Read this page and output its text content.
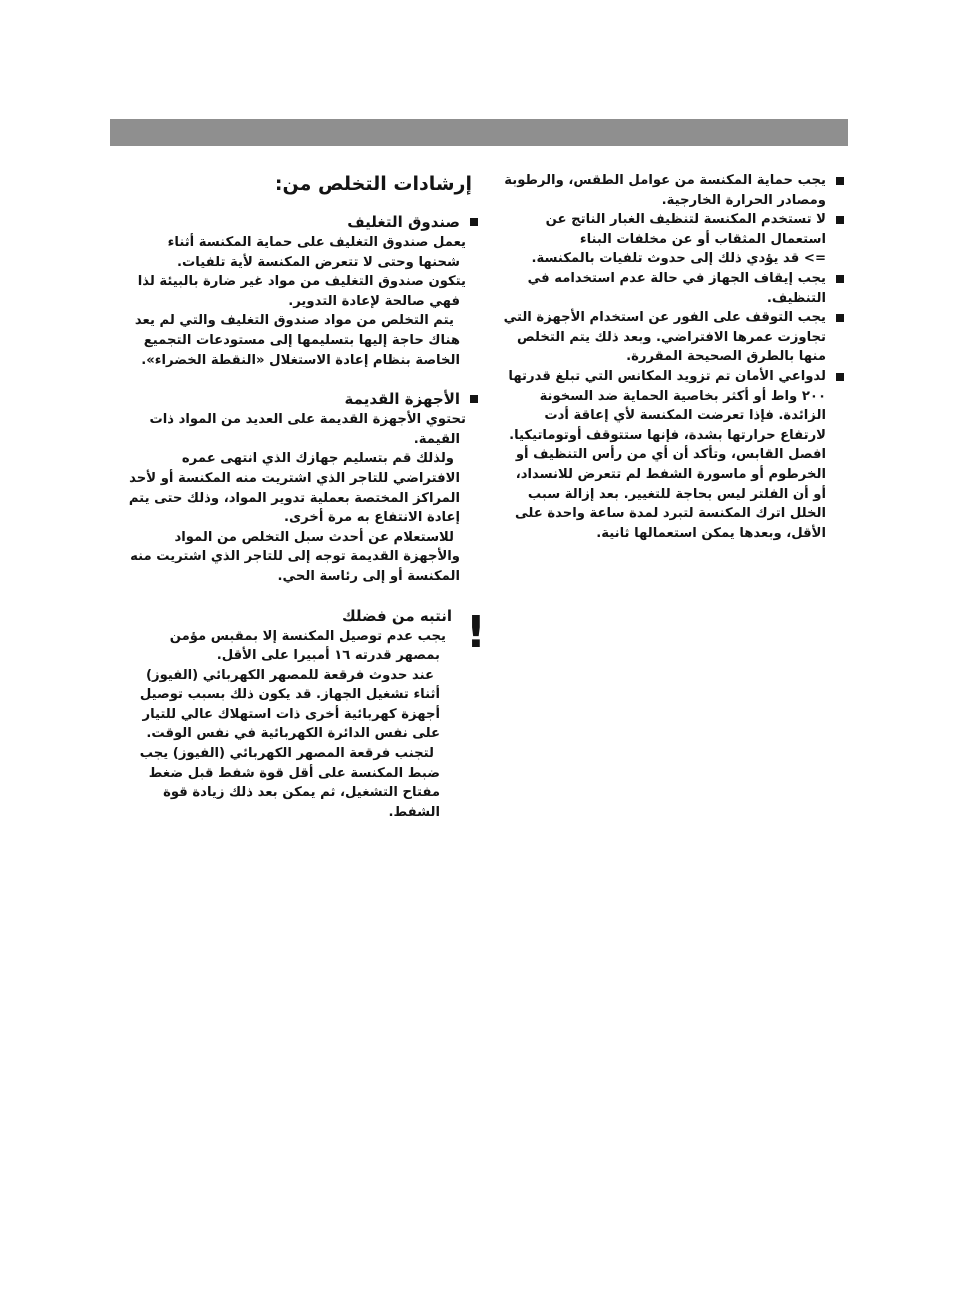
يجب حماية المكنسة من عوامل الطقس، والرطوبة ومصادر الحرارة الخارجية.

لا تستخدم المكنسة لتنظيف الغبار الناتج عن استعمال المثقاب أو عن مخلفات البناء

=> قد يؤدي ذلك إلى حدوث تلفيات بالمكنسة.

يجب إيقاف الجهاز في حالة عدم استخدامه في التنظيف.

يجب التوقف على الفور عن استخدام الأجهزة التي تجاوزت عمرها الافتراضي. وبعد ذلك يتم التخلص منها بالطرق الصحيحة المقررة.

لدواعي الأمان تم تزويد المكانس التي تبلغ قدرتها ٢٠٠ واط أو أكثر بخاصية الحماية ضد السخونة الزائدة. فإذا تعرضت المكنسة لأي إعاقة أدت لارتفاع حرارتها بشدة، فإنها ستتوقف أوتوماتيكيا. افصل القابس، وتأكد أن أي من رأس التنظيف أو الخرطوم أو ماسورة الشفط لم تتعرض للانسداد، أو أن الفلتر ليس بحاجة للتغيير. بعد إزالة سبب الخلل اترك المكنسة لتبرد لمدة ساعة واحدة على الأقل، وبعدها يمكن استعمالها ثانية.

إرشادات التخلص من:
صندوق التغليف

يعمل صندوق التغليف على حماية المكنسة أثناء شحنها وحتى لا تتعرض المكنسة لأية تلفيات.

يتكون صندوق التغليف من مواد غير ضارة بالبيئة لذا فهي صالحة لإعادة التدوير.

يتم التخلص من مواد صندوق التغليف والتي لم يعد هناك حاجة إليها بتسليمها إلى مستودعات التجميع الخاصة بنظام إعادة الاستغلال «النقطة الخضراء».

الأجهزة القديمة

تحتوي الأجهزة القديمة على العديد من المواد ذات القيمة.

ولذلك قم بتسليم جهازك الذي انتهى عمره الافتراضي للتاجر الذي اشتريت منه المكنسة أو لأحد المراكز المختصة بعملية تدوير المواد، وذلك حتى يتم إعادة الانتفاع به مرة أخرى.

للاستعلام عن أحدث سبل التخلص من المواد والأجهزة القديمة توجه إلى للتاجر الذي اشتريت منه المكنسة أو إلى رئاسة الحي.

!
انتبه من فضلك

يجب عدم توصيل المكنسة إلا بمقبس مؤمن بمصهر قدرته ١٦ أمبيرا على الأقل.

عند حدوث فرقعة للمصهر الكهربائي (الفيوز) أثناء تشغيل الجهاز. قد يكون ذلك بسبب توصيل أجهزة كهربائية أخرى ذات استهلاك عالي للتيار على نفس الدائرة الكهربائية في نفس الوقت.

لتجنب فرقعة المصهر الكهربائي (الفيوز) يجب ضبط المكنسة على أقل قوة شفط قبل ضغط مفتاح التشغيل، ثم يمكن بعد ذلك زيادة قوة الشفط.
